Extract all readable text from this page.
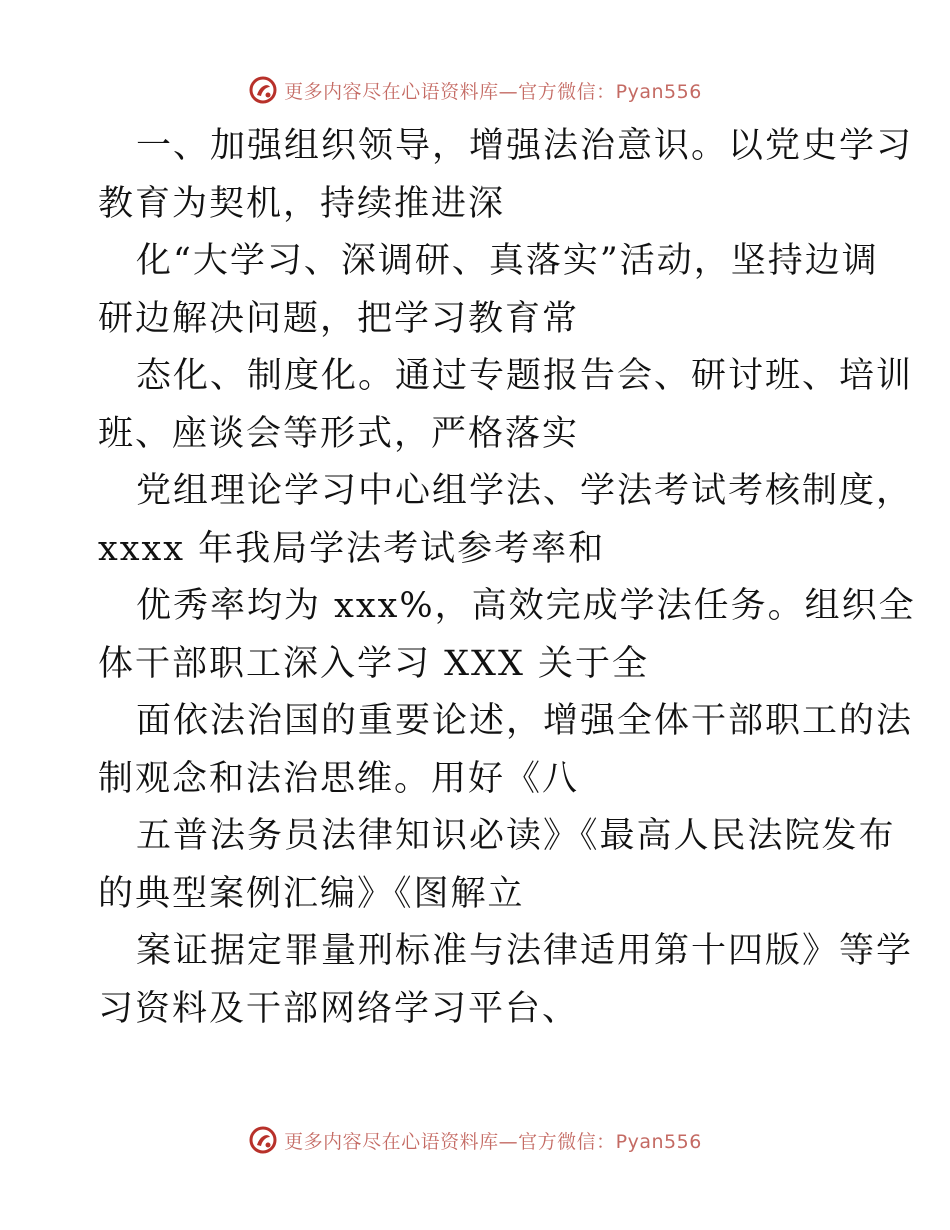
更多内容尽在心语资料库—官方微信：Pyan556

一、加强组织领导，增强法治意识。以党史学习
教育为契机，持续推进深

化“大学习、深调研、真落实”活动，坚持边调
研边解决问题，把学习教育常

态化、制度化。通过专题报告会、研讨班、培训
班、座谈会等形式，严格落实

党组理论学习中心组学法、学法考试考核制度，
xxxx 年我局学法考试参考率和

优秀率均为 xxx%，高效完成学法任务。组织全
体干部职工深入学习 XXX 关于全

面依法治国的重要论述，增强全体干部职工的法
制观念和法治思维。用好《八

五普法务员法律知识必读》《最高人民法院发布
的典型案例汇编》《图解立

案证据定罪量刑标准与法律适用第十四版》等学
习资料及干部网络学习平台、

更多内容尽在心语资料库—官方微信：Pyan556
